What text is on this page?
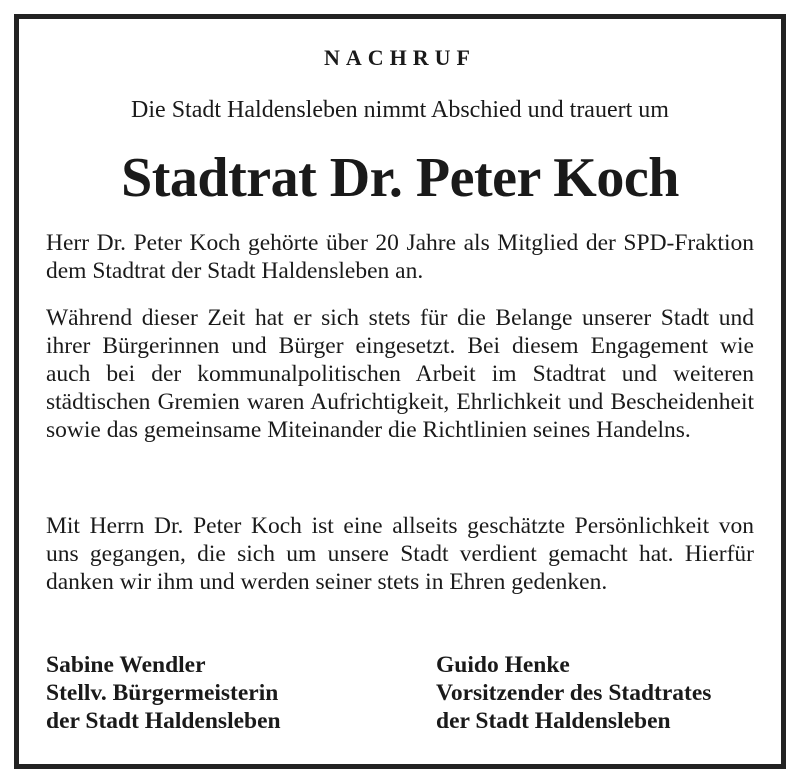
NACHRUF
Die Stadt Haldensleben nimmt Abschied und trauert um
Stadtrat Dr. Peter Koch

Herr Dr. Peter Koch gehörte über 20 Jahre als Mitglied der SPD-Fraktion dem Stadtrat der Stadt Haldensleben an.

Während dieser Zeit hat er sich stets für die Belange unserer Stadt und ihrer Bürgerinnen und Bürger eingesetzt. Bei diesem Engagement wie auch bei der kommunalpolitischen Arbeit im Stadtrat und weiteren städtischen Gremien waren Aufrichtigkeit, Ehrlichkeit und Bescheidenheit sowie das gemeinsame Miteinander die Richtlinien seines Handelns.

Mit Herrn Dr. Peter Koch ist eine allseits geschätzte Persönlichkeit von uns gegangen, die sich um unsere Stadt verdient gemacht hat. Hierfür danken wir ihm und werden seiner stets in Ehren gedenken.

Sabine Wendler
Stellv. Bürgermeisterin
der Stadt Haldensleben
Guido Henke
Vorsitzender des Stadtrates
der Stadt Haldensleben
